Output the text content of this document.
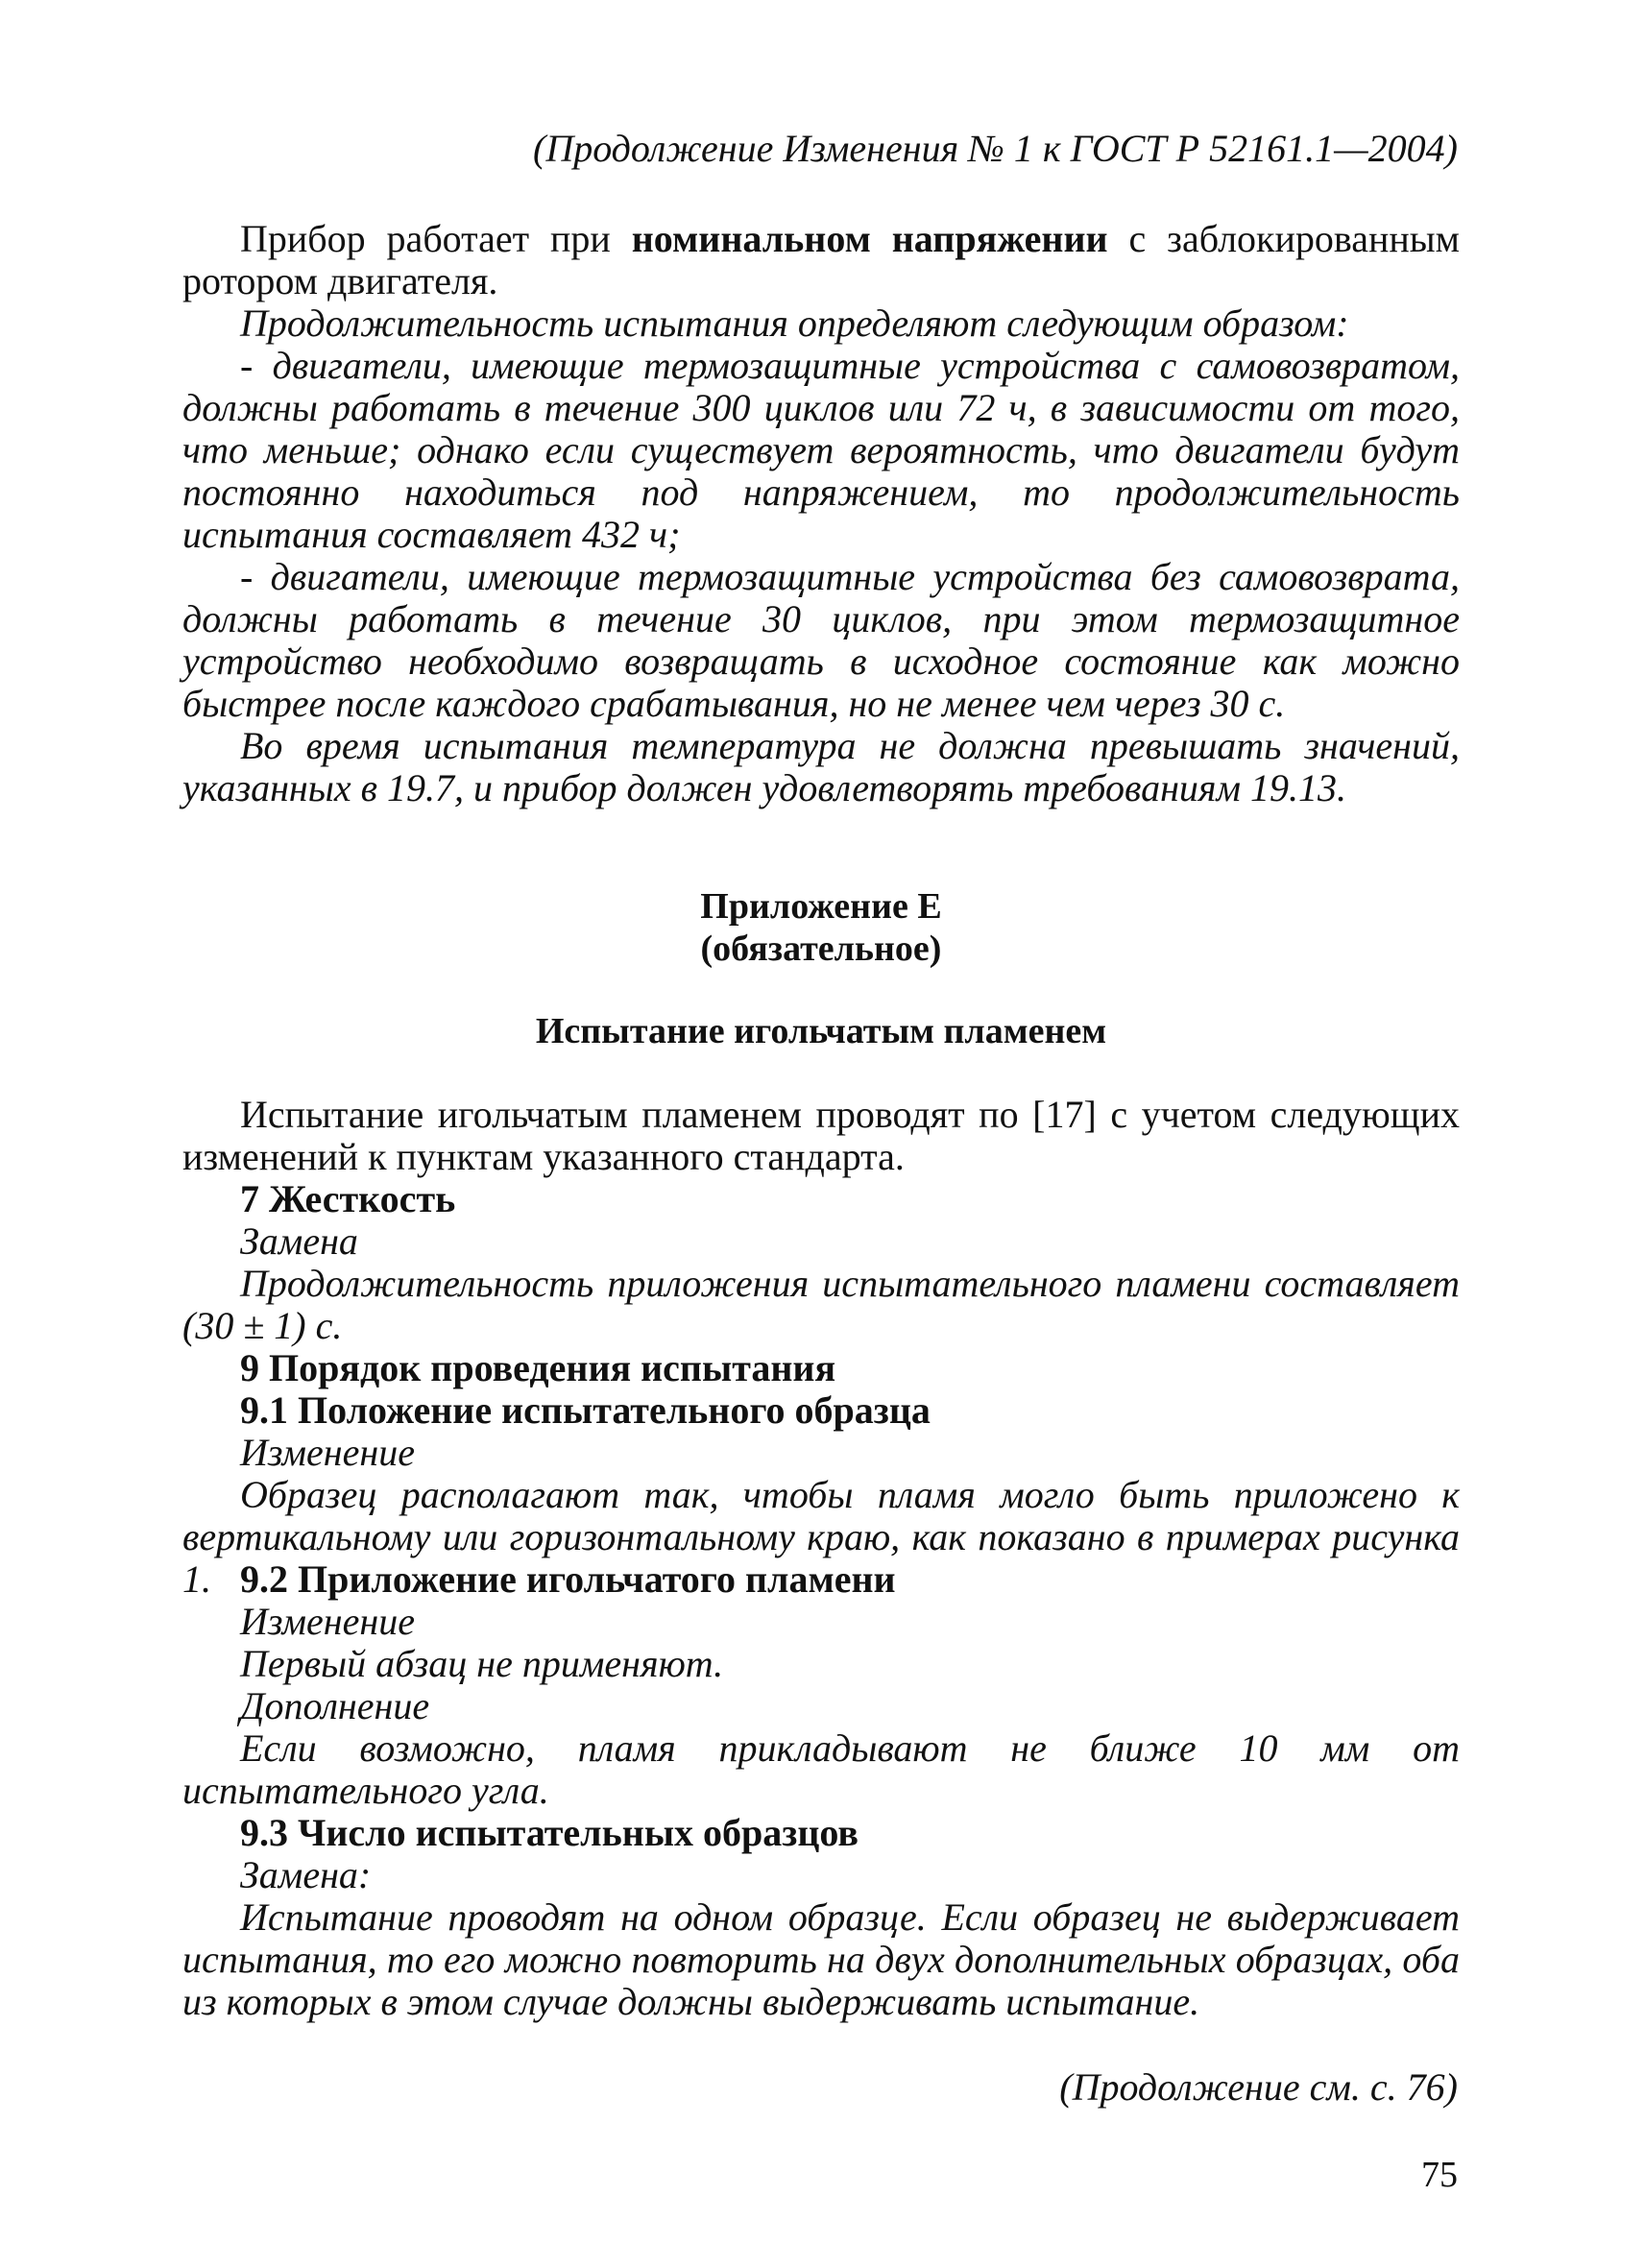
(Продолжение Изменения № 1 к ГОСТ Р 52161.1—2004)

Прибор работает при номинальном напряжении с заблокированным ротором двигателя.

Продолжительность испытания определяют следующим образом:

- двигатели, имеющие термозащитные устройства с самовозвратом, должны работать в течение 300 циклов или 72 ч, в зависимости от того, что меньше; однако если существует вероятность, что двигатели будут постоянно находиться под напряжением, то продолжительность испытания составляет 432 ч;

- двигатели, имеющие термозащитные устройства без самовозврата, должны работать в течение 30 циклов, при этом термозащитное устройство необходимо возвращать в исходное состояние как можно быстрее после каждого срабатывания, но не менее чем через 30 с.

Во время испытания температура не должна превышать значений, указанных в 19.7, и прибор должен удовлетворять требованиям 19.13.

Приложение Е
(обязательное)
Испытание игольчатым пламенем

Испытание игольчатым пламенем проводят по [17] с учетом следующих изменений к пунктам указанного стандарта.

7 Жесткость
Замена

Продолжительность приложения испытательного пламени составляет (30 ± 1) с.

9 Порядок проведения испытания
9.1 Положение испытательного образца
Изменение

Образец располагают так, чтобы пламя могло быть приложено к вертикальному или горизонтальному краю, как показано в примерах рисунка 1. 9.2 Приложение игольчатого пламени
Изменение
Первый абзац не применяют.
Дополнение

Если возможно, пламя прикладывают не ближе 10 мм от испытательного угла.

9.3 Число испытательных образцов
Замена:

Испытание проводят на одном образце. Если образец не выдерживает испытания, то его можно повторить на двух дополнительных образцах, оба из которых в этом случае должны выдерживать испытание.

(Продолжение см. с. 76)
75
